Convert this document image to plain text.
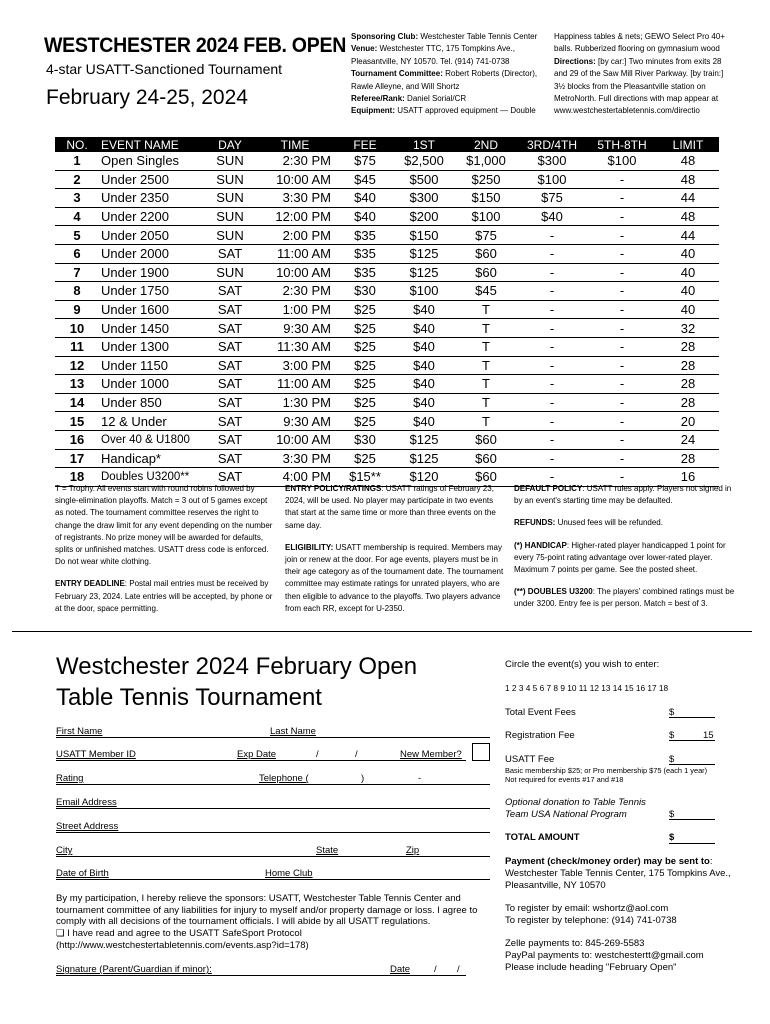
WESTCHESTER 2024 FEB. OPEN
4-star USATT-Sanctioned Tournament
February 24-25, 2024
Sponsoring Club: Westchester Table Tennis Center
Venue: Westchester TTC, 175 Tompkins Ave., Pleasantville, NY 10570. Tel. (914) 741-0738
Tournament Committee: Robert Roberts (Director), Rawle Alleyne, and Will Shortz
Referee/Rank: Daniel Sorial/CR
Equipment: USATT approved equipment — Double
Happiness tables & nets; GEWO Select Pro 40+ balls. Rubberized flooring on gymnasium wood
Directions: [by car:] Two minutes from exits 28 and 29 of the Saw Mill River Parkway. [by train:] 3½ blocks from the Pleasantville station on MetroNorth. Full directions with map appear at www.westchestertabletennis.com/directio
NO.	EVENT NAME	DAY	TIME	FEE	1ST	2ND	3RD/4TH	5TH-8TH	LIMIT
1	Open Singles	SUN	2:30 PM	$75	$2,500	$1,000	$300	$100	48
2	Under 2500	SUN	10:00 AM	$45	$500	$250	$100	-	48
3	Under 2350	SUN	3:30 PM	$40	$300	$150	$75	-	44
4	Under 2200	SUN	12:00 PM	$40	$200	$100	$40	-	48
5	Under 2050	SUN	2:00 PM	$35	$150	$75	-	-	44
6	Under 2000	SAT	11:00 AM	$35	$125	$60	-	-	40
7	Under 1900	SUN	10:00 AM	$35	$125	$60	-	-	40
8	Under 1750	SAT	2:30 PM	$30	$100	$45	-	-	40
9	Under 1600	SAT	1:00 PM	$25	$40	T	-	-	40
10	Under 1450	SAT	9:30 AM	$25	$40	T	-	-	32
11	Under 1300	SAT	11:30 AM	$25	$40	T	-	-	28
12	Under 1150	SAT	3:00 PM	$25	$40	T	-	-	28
13	Under 1000	SAT	11:00 AM	$25	$40	T	-	-	28
14	Under 850	SAT	1:30 PM	$25	$40	T	-	-	28
15	12 & Under	SAT	9:30 AM	$25	$40	T	-	-	20
16	Over 40 & U1800	SAT	10:00 AM	$30	$125	$60	-	-	24
17	Handicap*	SAT	3:30 PM	$25	$125	$60	-	-	28
18	Doubles U3200**	SAT	4:00 PM	$15**	$120	$60	-	-	16

T = Trophy. All events start with round robins followed by single-elimination playoffs. Match = 3 out of 5 games except as noted. The tournament committee reserves the right to change the draw limit for any event depending on the number of registrants. No prize money will be awarded for defaults, splits or unfinished matches. USATT dress code is enforced. Do not wear white clothing.

ENTRY DEADLINE: Postal mail entries must be received by February 23, 2024. Late entries will be accepted, by phone or at the door, space permitting.

ENTRY POLICY/RATINGS: USATT ratings of February 23, 2024, will be used. No player may participate in two events that start at the same time or more than three events on the same day.

ELIGIBILITY: USATT membership is required. Members may join or renew at the door. For age events, players must be in their age category as of the tournament date. The tournament committee may estimate ratings for unrated players, who are then eligible to advance to the playoffs. Two players advance from each RR, except for U-2350.

DEFAULT POLICY: USATT rules apply. Players not signed in by an event's starting time may be defaulted.

REFUNDS: Unused fees will be refunded.

(*) HANDICAP: Higher-rated player handicapped 1 point for every 75-point rating advantage over lower-rated player. Maximum 7 points per game. See the posted sheet.

(**) DOUBLES U3200: The players' combined ratings must be under 3200. Entry fee is per person. Match = best of 3.

Westchester 2024 February Open
Table Tennis Tournament
First Name	Last Name
USATT Member ID	Exp Date	/	/	New Member?
Rating	Telephone (	)	-
Email Address
Street Address
City	State	Zip
Date of Birth	Home Club
By my participation, I hereby relieve the sponsors: USATT, Westchester Table Tennis Center and tournament committee of any liabilities for injury to myself and/or property damage or loss. I agree to comply with all decisions of the tournament officials. I will abide by all USATT regulations.
❏ I have read and agree to the USATT SafeSport Protocol (http://www.westchestertabletennis.com/events.asp?id=178)
Signature (Parent/Guardian if minor):	Date	/ /
Circle the event(s) you wish to enter:
1 2 3 4 5 6 7 8 9 10 11 12 13 14 15 16 17 18
Total Event Fees	$
Registration Fee	$	15
USATT Fee	$
Basic membership $25; or Pro membership $75 (each 1 year)
Not required for events #17 and #18
Optional donation to Table Tennis Team USA National Program	$
TOTAL AMOUNT	$
Payment (check/money order) may be sent to:
Westchester Table Tennis Center, 175 Tompkins Ave., Pleasantville, NY 10570
To register by email: wshortz@aol.com
To register by telephone: (914) 741-0738
Zelle payments to: 845-269-5583
PayPal payments to: westchestertt@gmail.com
Please include heading "February Open"
